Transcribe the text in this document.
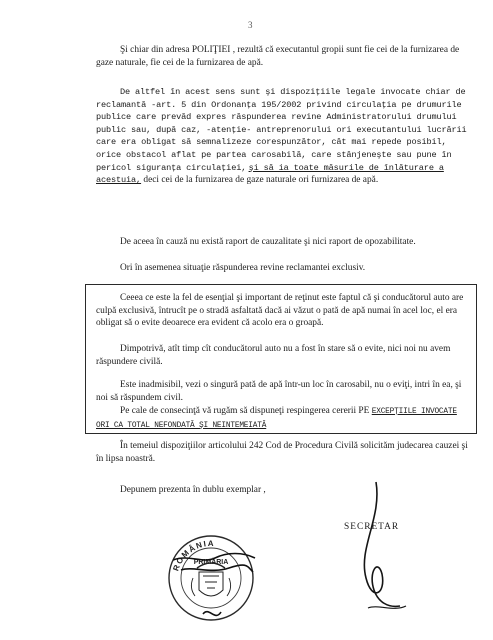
3

Şi chiar din adresa POLIŢIEI , rezultă că executantul gropii sunt fie cei de la furnizarea de gaze naturale, fie cei de la furnizarea de apă.

De altfel în acest sens sunt şi dispoziţiile legale invocate chiar de reclamantă -art. 5 din Ordonanţa 195/2002 privind circulaţia pe drumurile publice care prevăd expres răspunderea revine Administratorului drumului public sau, după caz, -atenţie- antreprenorului ori executantului lucrării care era obligat să semnalizeze corespunzător, cât mai repede posibil, orice obstacol aflat pe partea carosabilă, care stânjeneşte sau pune în pericol siguranţa circulaţiei, şi să ia toate măsurile de înlăturare a acestuia, deci cei de la furnizarea de gaze naturale ori furnizarea de apă.

De aceea în cauză nu există raport de cauzalitate şi nici raport de opozabilitate.

Ori în asemenea situaţie răspunderea revine reclamantei exclusiv.

Ceeea ce este la fel de esenţial şi important de reţinut este faptul că şi conducătorul auto are culpă exclusivă, întrucît pe o stradă asfaltată dacă ai văzut o pată de apă numai în acel loc, el era obligat să o evite deoarece era evident că acolo era o groapă.

Dimpotrivă, atît timp cît conducătorul auto nu a fost în stare să o evite, nici noi nu avem răspundere civilă.

Este inadmisibil, vezi o singură pată de apă într-un loc în carosabil, nu o eviţi, intri în ea, şi noi să răspundem civil.

Pe cale de consecinţă vă rugăm să dispuneţi respingerea cererii PE EXCEPŢIILE INVOCATE ORI CA TOTAL NEFONDATĂ ŞI NEINTEMEIATĂ

În temeiul dispoziţiilor articolului 242 Cod de Procedura Civilă solicităm judecarea cauzei şi în lipsa noastră.

Depunem prezenta în dublu exemplar ,

ROMÂNIA
PRIMĂRIA
SECRETAR
